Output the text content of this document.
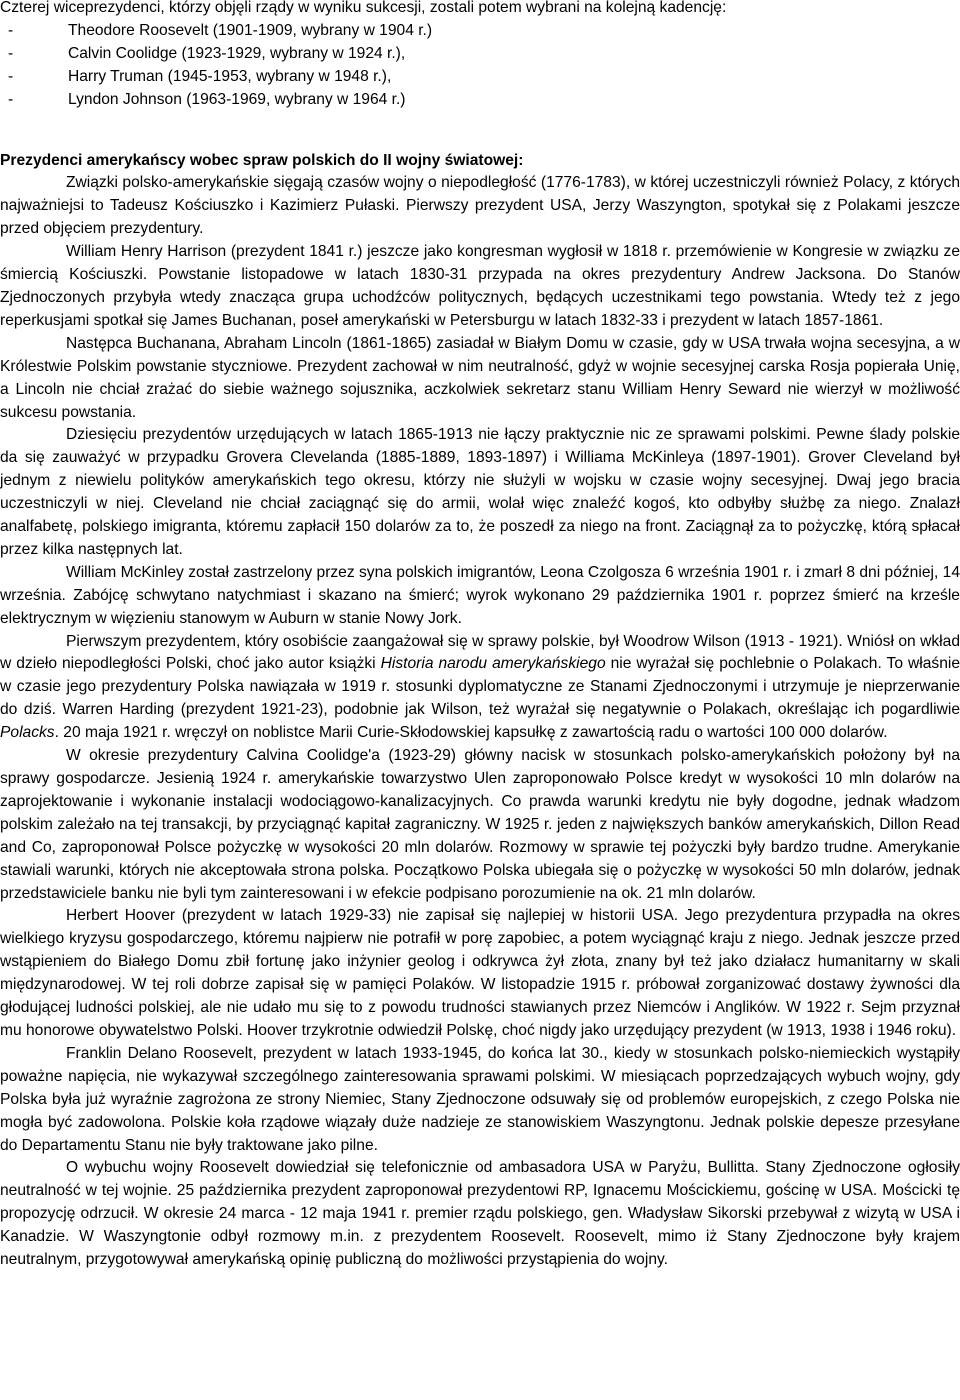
Czterej wiceprezydenci, którzy objęli rządy w wyniku sukcesji, zostali potem wybrani na kolejną kadencję:

- Theodore Roosevelt (1901-1909, wybrany w 1904 r.)
- Calvin Coolidge (1923-1929, wybrany w 1924 r.),
- Harry Truman (1945-1953, wybrany w 1948 r.),
- Lyndon Johnson (1963-1969, wybrany w 1964 r.)

Prezydenci amerykańscy wobec spraw polskich do II wojny światowej:

Związki polsko-amerykańskie sięgają czasów wojny o niepodległość (1776-1783), w której uczestniczyli również Polacy, z których najważniejsi to Tadeusz Kościuszko i Kazimierz Pułaski. Pierwszy prezydent USA, Jerzy Waszyngton, spotykał się z Polakami jeszcze przed objęciem prezydentury.

William Henry Harrison (prezydent 1841 r.) jeszcze jako kongresman wygłosił w 1818 r. przemówienie w Kongresie w związku ze śmiercią Kościuszki. Powstanie listopadowe w latach 1830-31 przypada na okres prezydentury Andrew Jacksona. Do Stanów Zjednoczonych przybyła wtedy znacząca grupa uchodźców politycznych, będących uczestnikami tego powstania. Wtedy też z jego reperkusjami spotkał się James Buchanan, poseł amerykański w Petersburgu w latach 1832-33 i prezydent w latach 1857-1861.

Następca Buchanana, Abraham Lincoln (1861-1865) zasiadał w Białym Domu w czasie, gdy w USA trwała wojna secesyjna, a w Królestwie Polskim powstanie styczniowe. Prezydent zachował w nim neutralność, gdyż w wojnie secesyjnej carska Rosja popierała Unię, a Lincoln nie chciał zrażać do siebie ważnego sojusznika, aczkolwiek sekretarz stanu William Henry Seward nie wierzył w możliwość sukcesu powstania.

Dziesięciu prezydentów urzędujących w latach 1865-1913 nie łączy praktycznie nic ze sprawami polskimi. Pewne ślady polskie da się zauważyć w przypadku Grovera Clevelanda (1885-1889, 1893-1897) i Williama McKinleya (1897-1901). Grover Cleveland był jednym z niewielu polityków amerykańskich tego okresu, którzy nie służyli w wojsku w czasie wojny secesyjnej. Dwaj jego bracia uczestniczyli w niej. Cleveland nie chciał zaciągnąć się do armii, wolał więc znaleźć kogoś, kto odbyłby służbę za niego. Znalazł analfabetę, polskiego imigranta, któremu zapłacił 150 dolarów za to, że poszedł za niego na front. Zaciągnął za to pożyczkę, którą spłacał przez kilka następnych lat.

William McKinley został zastrzelony przez syna polskich imigrantów, Leona Czolgosza 6 września 1901 r. i zmarł 8 dni później, 14 września. Zabójcę schwytano natychmiast i skazano na śmierć; wyrok wykonano 29 października 1901 r. poprzez śmierć na krześle elektrycznym w więzieniu stanowym w Auburn w stanie Nowy Jork.

Pierwszym prezydentem, który osobiście zaangażował się w sprawy polskie, był Woodrow Wilson (1913 - 1921). Wniósł on wkład w dzieło niepodległości Polski, choć jako autor książki Historia narodu amerykańskiego nie wyrażał się pochlebnie o Polakach. To właśnie w czasie jego prezydentury Polska nawiązała w 1919 r. stosunki dyplomatyczne ze Stanami Zjednoczonymi i utrzymuje je nieprzerwanie do dziś. Warren Harding (prezydent 1921-23), podobnie jak Wilson, też wyrażał się negatywnie o Polakach, określając ich pogardliwie Polacks. 20 maja 1921 r. wręczył on noblistce Marii Curie-Skłodowskiej kapsułkę z zawartością radu o wartości 100 000 dolarów.

W okresie prezydentury Calvina Coolidge'a (1923-29) główny nacisk w stosunkach polsko-amerykańskich położony był na sprawy gospodarcze. Jesienią 1924 r. amerykańskie towarzystwo Ulen zaproponowało Polsce kredyt w wysokości 10 mln dolarów na zaprojektowanie i wykonanie instalacji wodociągowo-kanalizacyjnych. Co prawda warunki kredytu nie były dogodne, jednak władzom polskim zależało na tej transakcji, by przyciągnąć kapitał zagraniczny. W 1925 r. jeden z największych banków amerykańskich, Dillon Read and Co, zaproponował Polsce pożyczkę w wysokości 20 mln dolarów. Rozmowy w sprawie tej pożyczki były bardzo trudne. Amerykanie stawiali warunki, których nie akceptowała strona polska. Początkowo Polska ubiegała się o pożyczkę w wysokości 50 mln dolarów, jednak przedstawiciele banku nie byli tym zainteresowani i w efekcie podpisano porozumienie na ok. 21 mln dolarów.

Herbert Hoover (prezydent w latach 1929-33) nie zapisał się najlepiej w historii USA. Jego prezydentura przypadła na okres wielkiego kryzysu gospodarczego, któremu najpierw nie potrafił w porę zapobiec, a potem wyciągnąć kraju z niego. Jednak jeszcze przed wstąpieniem do Białego Domu zbił fortunę jako inżynier geolog i odkrywca żył złota, znany był też jako działacz humanitarny w skali międzynarodowej. W tej roli dobrze zapisał się w pamięci Polaków. W listopadzie 1915 r. próbował zorganizować dostawy żywności dla głodującej ludności polskiej, ale nie udało mu się to z powodu trudności stawianych przez Niemców i Anglików. W 1922 r. Sejm przyznał mu honorowe obywatelstwo Polski. Hoover trzykrotnie odwiedził Polskę, choć nigdy jako urzędujący prezydent (w 1913, 1938 i 1946 roku).

Franklin Delano Roosevelt, prezydent w latach 1933-1945, do końca lat 30., kiedy w stosunkach polsko-niemieckich wystąpiły poważne napięcia, nie wykazywał szczególnego zainteresowania sprawami polskimi. W miesiącach poprzedzających wybuch wojny, gdy Polska była już wyraźnie zagrożona ze strony Niemiec, Stany Zjednoczone odsuwały się od problemów europejskich, z czego Polska nie mogła być zadowolona. Polskie koła rządowe wiązały duże nadzieje ze stanowiskiem Waszyngtonu. Jednak polskie depesze przesyłane do Departamentu Stanu nie były traktowane jako pilne.

O wybuchu wojny Roosevelt dowiedział się telefonicznie od ambasadora USA w Paryżu, Bullitta. Stany Zjednoczone ogłosiły neutralność w tej wojnie. 25 października prezydent zaproponował prezydentowi RP, Ignacemu Mościckiemu, gościnę w USA. Mościcki tę propozycję odrzucił. W okresie 24 marca - 12 maja 1941 r. premier rządu polskiego, gen. Władysław Sikorski przebywał z wizytą w USA i Kanadzie. W Waszyngtonie odbył rozmowy m.in. z prezydentem Roosevelt. Roosevelt, mimo iż Stany Zjednoczone były krajem neutralnym, przygotowywał amerykańską opinię publiczną do możliwości przystąpienia do wojny.
